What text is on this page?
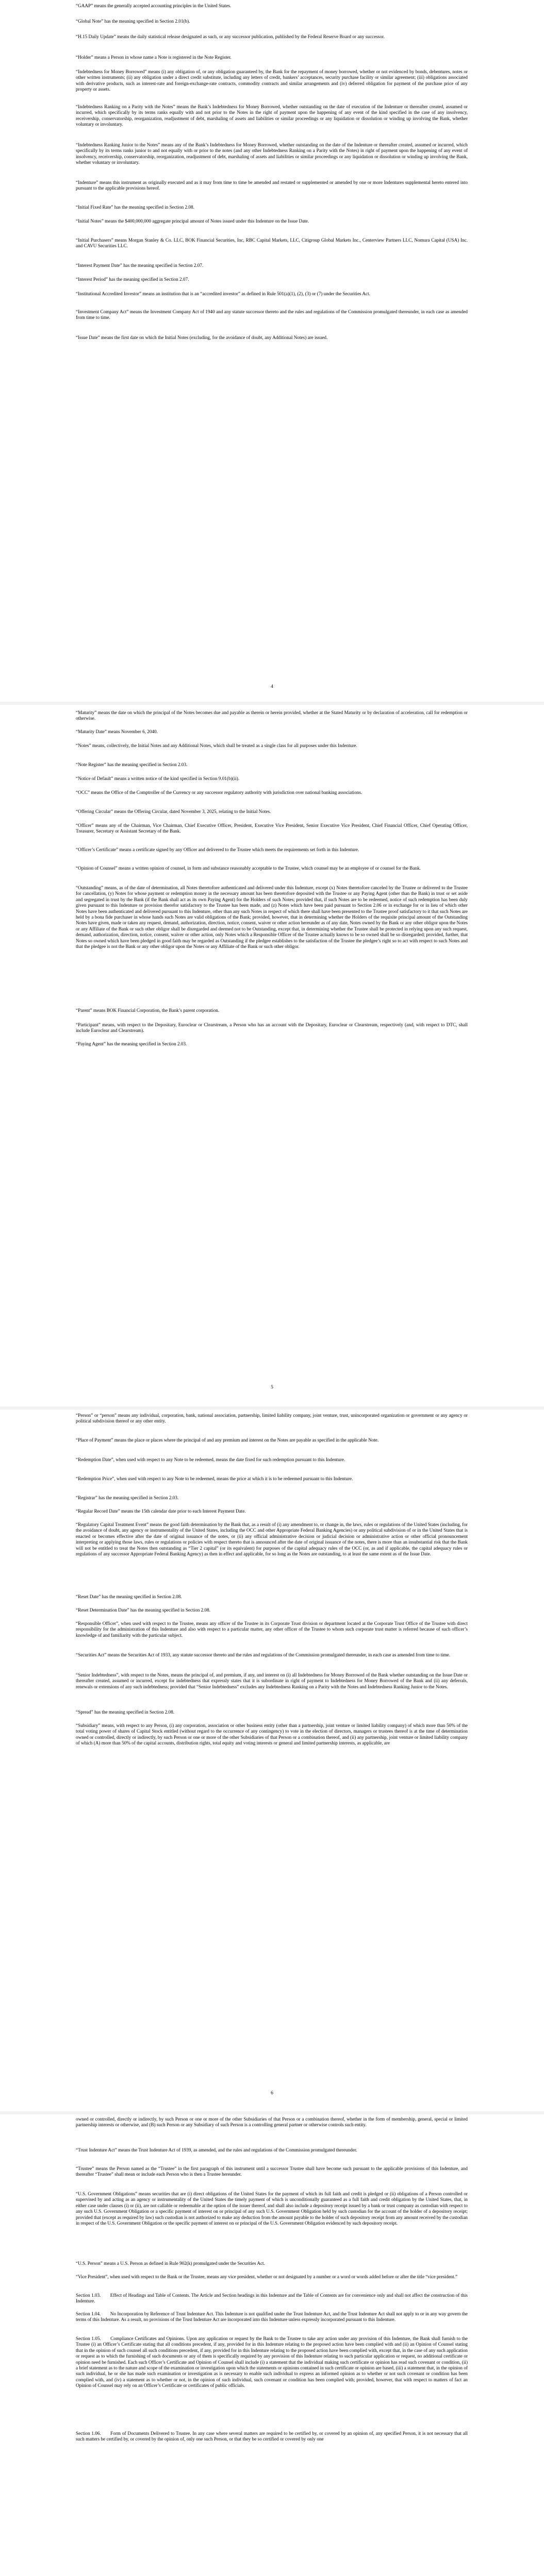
“GAAP” means the generally accepted accounting principles in the United States.

“Global Note” has the meaning specified in Section 2.01(b).

“H.15 Daily Update” means the daily statistical release designated as such, or any successor publication, published by the Federal Reserve Board or any successor.

“Holder” means a Person in whose name a Note is registered in the Note Register.

“Indebtedness for Money Borrowed” means (i) any obligation of, or any obligation guaranteed by, the Bank for the repayment of money borrowed, whether or not evidenced by bonds, debentures, notes or other written instruments; (ii) any obligation under a direct credit substitute, including any letters of credit, bankers’ acceptances, security purchase facility or similar agreement; (iii) obligations associated with derivative products, such as interest-rate and foreign-exchange-rate contracts, commodity contracts and similar arrangements and (iv) deferred obligation for payment of the purchase price of any property or assets.

“Indebtedness Ranking on a Parity with the Notes” means the Bank’s Indebtedness for Money Borrowed, whether outstanding on the date of execution of the Indenture or thereafter created, assumed or incurred, which specifically by its terms ranks equally with and not prior to the Notes in the right of payment upon the happening of any event of the kind specified in the case of any insolvency, receivership, conservatorship, reorganization, readjustment of debt, marshaling of assets and liabilities or similar proceedings or any liquidation or dissolution or winding up involving the Bank, whether voluntary or involuntary.

“Indebtedness Ranking Junior to the Notes” means any of the Bank’s Indebtedness for Money Borrowed, whether outstanding on the date of the Indenture or thereafter created, assumed or incurred, which specifically by its terms ranks junior to and not equally with or prior to the notes (and any other Indebtedness Ranking on a Parity with the Notes) in right of payment upon the happening of any event of insolvency, receivership, conservatorship, reorganization, readjustment of debt, marshaling of assets and liabilities or similar proceedings or any liquidation or dissolution or winding up involving the Bank, whether voluntary or involuntary.

“Indenture” means this instrument as originally executed and as it may from time to time be amended and restated or supplemented or amended by one or more Indentures supplemental hereto entered into pursuant to the applicable provisions hereof.

“Initial Fixed Rate” has the meaning specified in Section 2.08.

“Initial Notes” means the $400,000,000 aggregate principal amount of Notes issued under this Indenture on the Issue Date.

“Initial Purchasers” means Morgan Stanley & Co. LLC, BOK Financial Securities, Inc, RBC Capital Markets, LLC, Citigroup Global Markets Inc., Centerview Partners LLC, Nomura Capital (USA) Inc. and CAVU Securities LLC.

“Interest Payment Date” has the meaning specified in Section 2.07.

“Interest Period” has the meaning specified in Section 2.07.

“Institutional Accredited Investor” means an institution that is an “accredited investor” as defined in Rule 501(a)(1), (2), (3) or (7) under the Securities Act.

“Investment Company Act” means the Investment Company Act of 1940 and any statute successor thereto and the rules and regulations of the Commission promulgated thereunder, in each case as amended from time to time.

“Issue Date” means the first date on which the Initial Notes (excluding, for the avoidance of doubt, any Additional Notes) are issued.

4

“Maturity” means the date on which the principal of the Notes becomes due and payable as therein or herein provided, whether at the Stated Maturity or by declaration of acceleration, call for redemption or otherwise.

“Maturity Date” means November 6, 2040.

“Notes” means, collectively, the Initial Notes and any Additional Notes, which shall be treated as a single class for all purposes under this Indenture.

“Note Register” has the meaning specified in Section 2.03.

“Notice of Default” means a written notice of the kind specified in Section 9.01(b)(ii).

“OCC” means the Office of the Comptroller of the Currency or any successor regulatory authority with jurisdiction over national banking associations.

“Offering Circular” means the Offering Circular, dated November 3, 2025, relating to the Initial Notes.

“Officer” means any of the Chairman, Vice Chairman, Chief Executive Officer, President, Executive Vice President, Senior Executive Vice President, Chief Financial Officer, Chief Operating Officer, Treasurer, Secretary or Assistant Secretary of the Bank.

“Officer’s Certificate” means a certificate signed by any Officer and delivered to the Trustee which meets the requirements set forth in this Indenture.

“Opinion of Counsel” means a written opinion of counsel, in form and substance reasonably acceptable to the Trustee, which counsel may be an employee of or counsel for the Bank.

“Outstanding” means, as of the date of determination, all Notes theretofore authenticated and delivered under this Indenture, except (x) Notes theretofore canceled by the Trustee or delivered to the Trustee for cancellation, (y) Notes for whose payment or redemption money in the necessary amount has been theretofore deposited with the Trustee or any Paying Agent (other than the Bank) in trust or set aside and segregated in trust by the Bank (if the Bank shall act as its own Paying Agent) for the Holders of such Notes; provided that, if such Notes are to be redeemed, notice of such redemption has been duly given pursuant to this Indenture or provision therefor satisfactory to the Trustee has been made, and (z) Notes which have been paid pursuant to Section 2.06 or in exchange for or in lieu of which other Notes have been authenticated and delivered pursuant to this Indenture, other than any such Notes in respect of which there shall have been presented to the Trustee proof satisfactory to it that such Notes are held by a bona fide purchaser in whose hands such Notes are valid obligations of the Bank; provided, however, that in determining whether the Holders of the requisite principal amount of the Outstanding Notes have given, made or taken any request, demand, authorization, direction, notice, consent, waiver or other action hereunder as of any date, Notes owned by the Bank or any other obligor upon the Notes or any Affiliate of the Bank or such other obligor shall be disregarded and deemed not to be Outstanding, except that, in determining whether the Trustee shall be protected in relying upon any such request, demand, authorization, direction, notice, consent, waiver or other action, only Notes which a Responsible Officer of the Trustee actually knows to be so owned shall be so disregarded; provided, further, that Notes so owned which have been pledged in good faith may be regarded as Outstanding if the pledgee establishes to the satisfaction of the Trustee the pledgee’s right so to act with respect to such Notes and that the pledgee is not the Bank or any other obligor upon the Notes or any Affiliate of the Bank or such other obligor.

“Parent” means BOK Financial Corporation, the Bank’s parent corporation.

“Participant” means, with respect to the Depositary, Euroclear or Clearstream, a Person who has an account with the Depositary, Euroclear or Clearstream, respectively (and, with respect to DTC, shall include Euroclear and Clearstream).

“Paying Agent” has the meaning specified in Section 2.03.

5

“Person” or “person” means any individual, corporation, bank, national association, partnership, limited liability company, joint venture, trust, unincorporated organization or government or any agency or political subdivision thereof or any other entity.

“Place of Payment” means the place or places where the principal of and any premium and interest on the Notes are payable as specified in the applicable Note.

“Redemption Date”, when used with respect to any Note to be redeemed, means the date fixed for such redemption pursuant to this Indenture.

“Redemption Price”, when used with respect to any Note to be redeemed, means the price at which it is to be redeemed pursuant to this Indenture.

“Registrar” has the meaning specified in Section 2.03.

“Regular Record Date” means the 15th calendar date prior to each Interest Payment Date.

“Regulatory Capital Treatment Event” means the good faith determination by the Bank that, as a result of (i) any amendment to, or change in, the laws, rules or regulations of the United States (including, for the avoidance of doubt, any agency or instrumentality of the United States, including the OCC and other Appropriate Federal Banking Agencies) or any political subdivision of or in the United States that is enacted or becomes effective after the date of original issuance of the notes, or (ii) any official administrative decision or judicial decision or administrative action or other official pronouncement interpreting or applying those laws, rules or regulations or policies with respect thereto that is announced after the date of original issuance of the notes, there is more than an insubstantial risk that the Bank will not be entitled to treat the Notes then outstanding as “Tier 2 capital” (or its equivalent) for purposes of the capital adequacy rules of the OCC (or, as and if applicable, the capital adequacy rules or regulations of any successor Appropriate Federal Banking Agency) as then in effect and applicable, for so long as the Notes are outstanding, to at least the same extent as of the Issue Date.

“Reset Date” has the meaning specified in Section 2.08.

“Reset Determination Date” has the meaning specified in Section 2.08.

“Responsible Officer”, when used with respect to the Trustee, means any officer of the Trustee in its Corporate Trust division or department located at the Corporate Trust Office of the Trustee with direct responsibility for the administration of this Indenture and also with respect to a particular matter, any other officer of the Trustee to whom such corporate trust matter is referred because of such officer’s knowledge of and familiarity with the particular subject.

“Securities Act” means the Securities Act of 1933, any statute successor thereto and the rules and regulations of the Commission promulgated thereunder, in each case as amended from time to time.

“Senior Indebtedness”, with respect to the Notes, means the principal of, and premium, if any, and interest on (i) all Indebtedness for Money Borrowed of the Bank whether outstanding on the Issue Date or thereafter created, assumed or incurred, except for indebtedness that expressly states that it is subordinate in right of payment to Indebtedness for Money Borrowed of the Bank and (ii) any deferrals, renewals or extensions of any such indebtedness; provided that “Senior Indebtedness” excludes any Indebtedness Ranking on a Parity with the Notes and Indebtedness Ranking Junior to the Notes.

“Spread” has the meaning specified in Section 2.08.

“Subsidiary” means, with respect to any Person, (i) any corporation, association or other business entity (other than a partnership, joint venture or limited liability company) of which more than 50% of the total voting power of shares of Capital Stock entitled (without regard to the occurrence of any contingency) to vote in the election of directors, managers or trustees thereof is at the time of determination owned or controlled, directly or indirectly, by such Person or one or more of the other Subsidiaries of that Person or a combination thereof, and (ii) any partnership, joint venture or limited liability company of which (A) more than 50% of the capital accounts, distribution rights, total equity and voting interests or general and limited partnership interests, as applicable, are

6

owned or controlled, directly or indirectly, by such Person or one or more of the other Subsidiaries of that Person or a combination thereof, whether in the form of membership, general, special or limited partnership interests or otherwise, and (B) such Person or any Subsidiary of such Person is a controlling general partner or otherwise controls such entity.

“Trust Indenture Act” means the Trust Indenture Act of 1939, as amended, and the rules and regulations of the Commission promulgated thereunder.

“Trustee” means the Person named as the “Trustee” in the first paragraph of this instrument until a successor Trustee shall have become such pursuant to the applicable provisions of this Indenture, and thereafter “Trustee” shall mean or include each Person who is then a Trustee hereunder.

“U.S. Government Obligations” means securities that are (i) direct obligations of the United States for the payment of which its full faith and credit is pledged or (ii) obligations of a Person controlled or supervised by and acting as an agency or instrumentality of the United States the timely payment of which is unconditionally guaranteed as a full faith and credit obligation by the United States, that, in either case under clauses (i) or (ii), are not callable or redeemable at the option of the issuer thereof, and shall also include a depository receipt issued by a bank or trust company as custodian with respect to any such U.S. Government Obligation or a specific payment of interest on or principal of any such U.S. Government Obligation held by such custodian for the account of the holder of a depository receipt; provided that (except as required by law) such custodian is not authorized to make any deduction from the amount payable to the holder of such depository receipt from any amount received by the custodian in respect of the U.S. Government Obligation or the specific payment of interest on or principal of the U.S. Government Obligation evidenced by such depository receipt.

“U.S. Person” means a U.S. Person as defined in Rule 902(k) promulgated under the Securities Act.

“Vice President”, when used with respect to the Bank or the Trustee, means any vice president, whether or not designated by a number or a word or words added before or after the title “vice president.”

Section 1.03.  Effect of Headings and Table of Contents. The Article and Section headings in this Indenture and the Table of Contents are for convenience only and shall not affect the construction of this Indenture.

Section 1.04.  No Incorporation by Reference of Trust Indenture Act. This Indenture is not qualified under the Trust Indenture Act, and the Trust Indenture Act shall not apply to or in any way govern the terms of this Indenture. As a result, no provisions of the Trust Indenture Act are incorporated into this Indenture unless expressly incorporated pursuant to this Indenture.

Section 1.05.  Compliance Certificates and Opinions. Upon any application or request by the Bank to the Trustee to take any action under any provision of this Indenture, the Bank shall furnish to the Trustee (i) an Officer’s Certificate stating that all conditions precedent, if any, provided for in this Indenture relating to the proposed action have been complied with and (ii) an Opinion of Counsel stating that in the opinion of such counsel all such conditions precedent, if any, provided for in this Indenture relating to the proposed action have been complied with, except that, in the case of any such application or request as to which the furnishing of such documents or any of them is specifically required by any provision of this Indenture relating to such particular application or request, no additional certificate or opinion need be furnished. Each such Officer’s Certificate and Opinion of Counsel shall include (i) a statement that the individual making such certificate or opinion has read such covenant or condition, (ii) a brief statement as to the nature and scope of the examination or investigation upon which the statements or opinions contained in such certificate or opinion are based, (iii) a statement that, in the opinion of such individual, he or she has made such examination or investigation as is necessary to enable such individual to express an informed opinion as to whether or not such covenant or condition has been complied with, and (iv) a statement as to whether or not, in the opinion of such individual, such covenant or condition has been complied with; provided, however, that with respect to matters of fact an Opinion of Counsel may rely on an Officer’s Certificate or certificates of public officials.

Section 1.06.  Form of Documents Delivered to Trustee. In any case where several matters are required to be certified by, or covered by an opinion of, any specified Person, it is not necessary that all such matters be certified by, or covered by the opinion of, only one such Person, or that they be so certified or covered by only one
